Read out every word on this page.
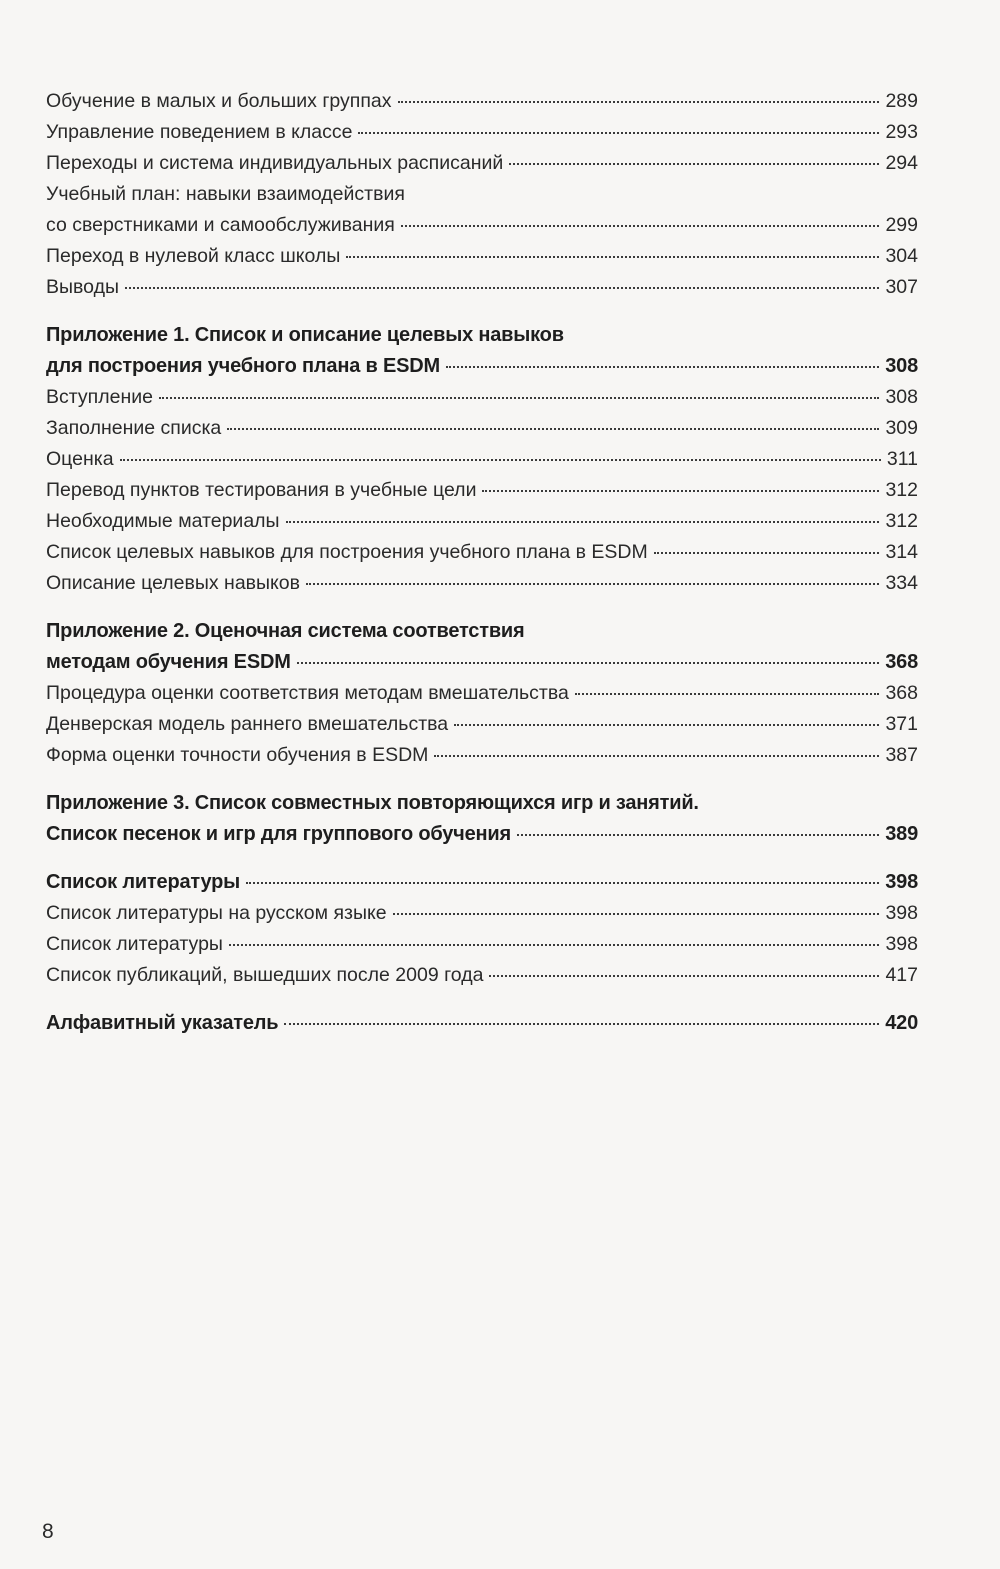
Обучение в малых и больших группах	289
Управление поведением в классе	293
Переходы и система индивидуальных расписаний	294
Учебный план: навыки взаимодействия
со сверстниками и самообслуживания	299
Переход в нулевой класс школы	304
Выводы	307
Приложение 1. Список и описание целевых навыков
для построения учебного плана в ESDM	308
Вступление	308
Заполнение списка	309
Оценка	311
Перевод пунктов тестирования в учебные цели	312
Необходимые материалы	312
Список целевых навыков для построения учебного плана в ESDM	314
Описание целевых навыков	334
Приложение 2. Оценочная система соответствия
методам обучения ESDM	368
Процедура оценки соответствия методам вмешательства	368
Денверская модель раннего вмешательства	371
Форма оценки точности обучения в ESDM	387
Приложение 3. Список совместных повторяющихся игр и занятий.
Список песенок и игр для группового обучения	389
Список литературы	398
Список литературы на русском языке	398
Список литературы	398
Список публикаций, вышедших после 2009 года	417
Алфавитный указатель	420
8
